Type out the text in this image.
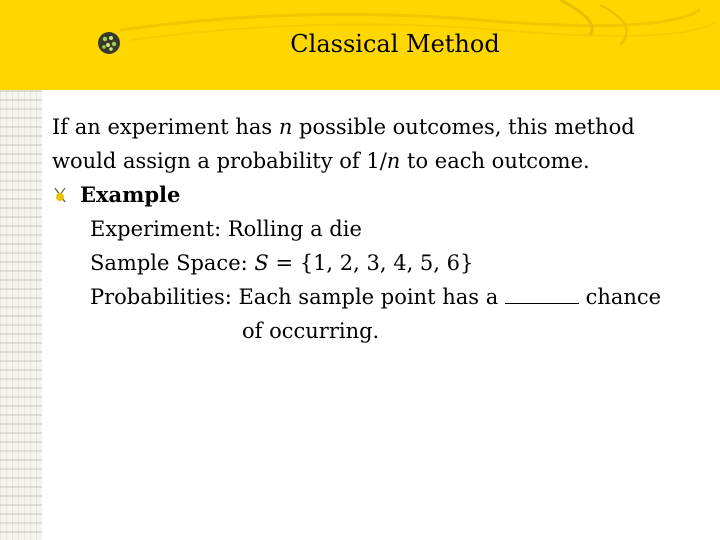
Classical Method
If an experiment has n possible outcomes, this method
would assign a probability of 1/n to each outcome.
Example
Experiment: Rolling a die
Sample Space: S = {1, 2, 3, 4, 5, 6}
Probabilities: Each sample point has a	chance
of occurring.
